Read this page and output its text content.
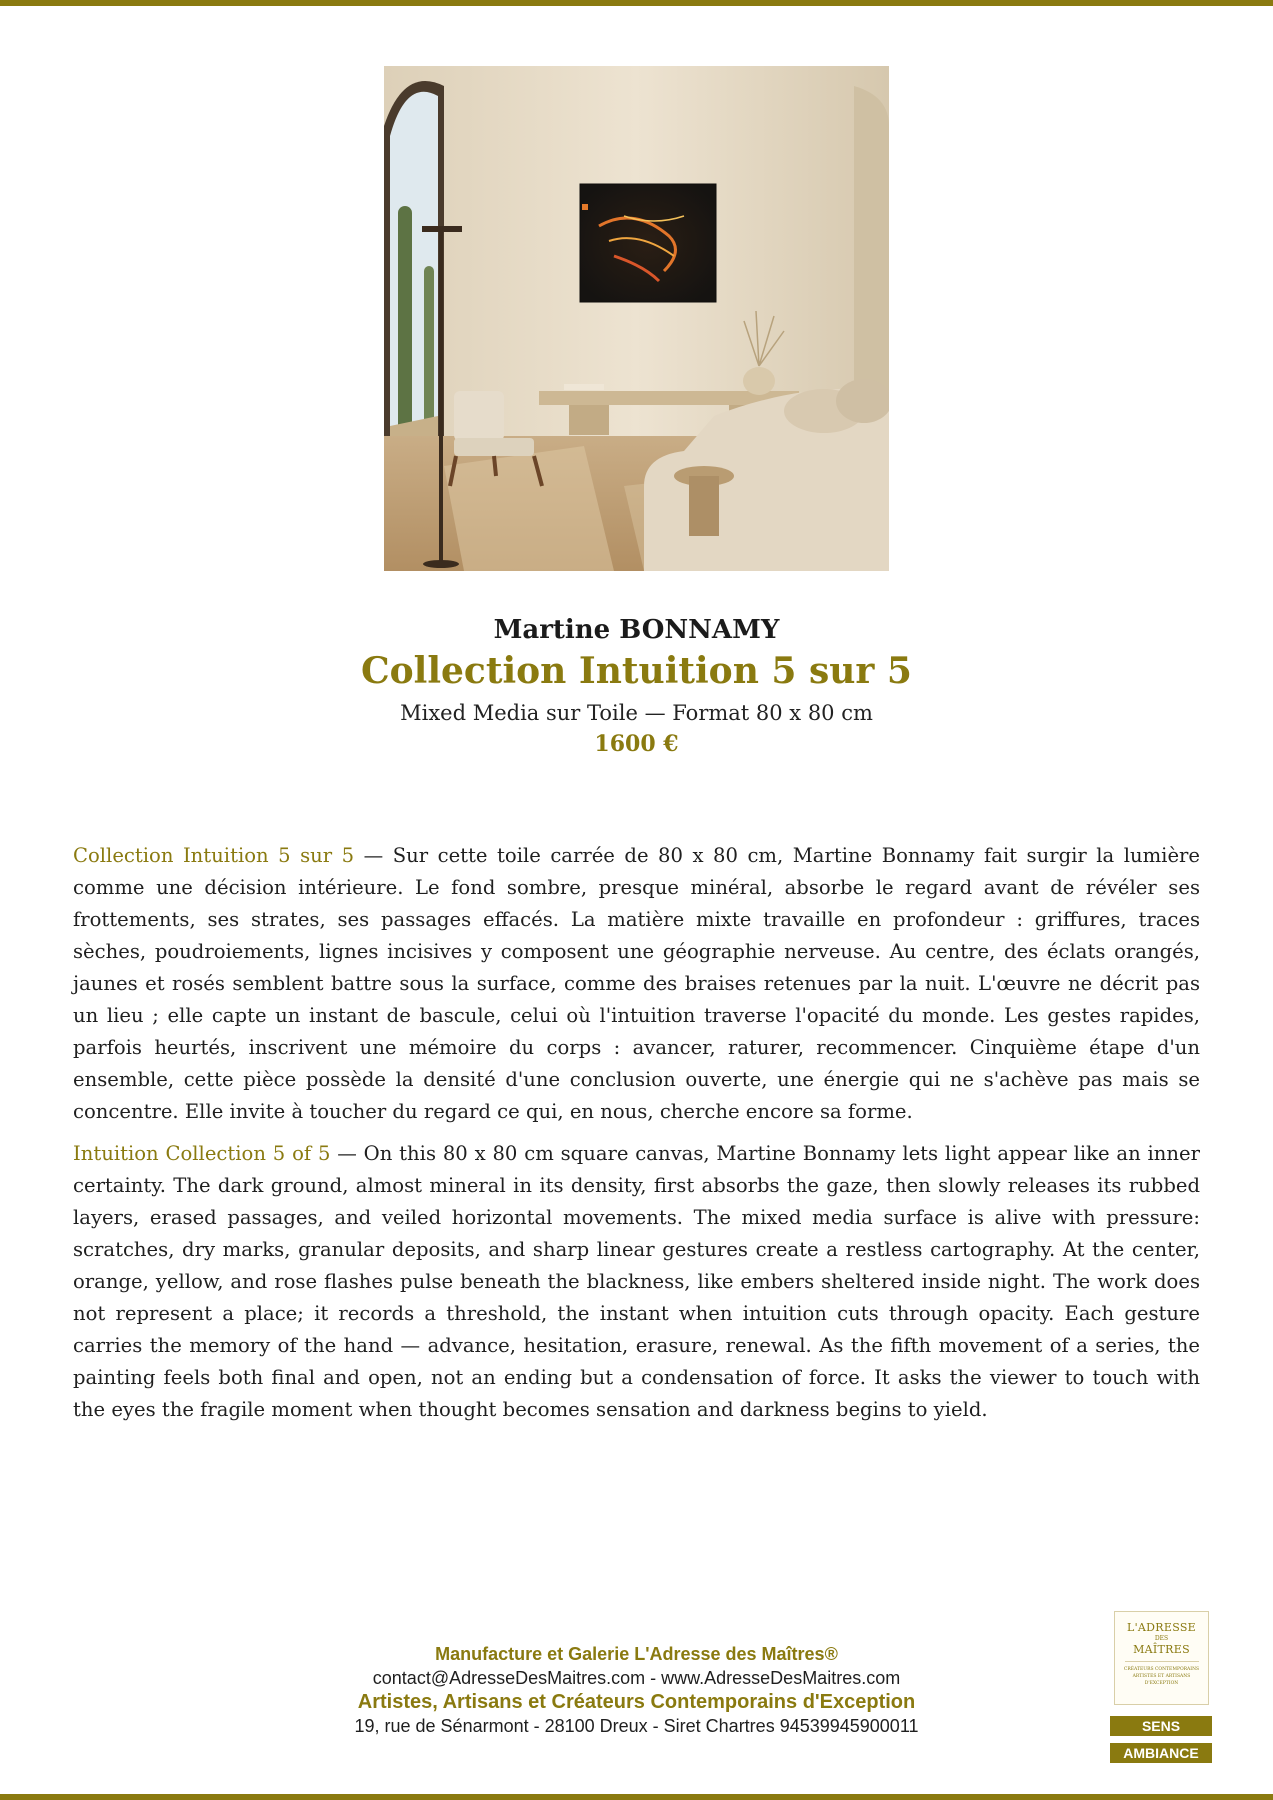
Martine BONNAMY

Collection Intuition 5 sur 5

Mixed Media sur Toile — Format 80 x 80 cm

1600 €

Collection Intuition 5 sur 5 — Sur cette toile carrée de 80 x 80 cm, Martine Bonnamy fait surgir la lumière comme une décision intérieure. Le fond sombre, presque minéral, absorbe le regard avant de révéler ses frottements, ses strates, ses passages effacés. La matière mixte travaille en profondeur : griffures, traces sèches, poudroiements, lignes incisives y composent une géographie nerveuse. Au centre, des éclats orangés, jaunes et rosés semblent battre sous la surface, comme des braises retenues par la nuit. L'œuvre ne décrit pas un lieu ; elle capte un instant de bascule, celui où l'intuition traverse l'opacité du monde. Les gestes rapides, parfois heurtés, inscrivent une mémoire du corps : avancer, raturer, recommencer. Cinquième étape d'un ensemble, cette pièce possède la densité d'une conclusion ouverte, une énergie qui ne s'achève pas mais se concentre. Elle invite à toucher du regard ce qui, en nous, cherche encore sa forme.

Intuition Collection 5 of 5 — On this 80 x 80 cm square canvas, Martine Bonnamy lets light appear like an inner certainty. The dark ground, almost mineral in its density, first absorbs the gaze, then slowly releases its rubbed layers, erased passages, and veiled horizontal movements. The mixed media surface is alive with pressure: scratches, dry marks, granular deposits, and sharp linear gestures create a restless cartography. At the center, orange, yellow, and rose flashes pulse beneath the blackness, like embers sheltered inside night. The work does not represent a place; it records a threshold, the instant when intuition cuts through opacity. Each gesture carries the memory of the hand — advance, hesitation, erasure, renewal. As the fifth movement of a series, the painting feels both final and open, not an ending but a condensation of force. It asks the viewer to touch with the eyes the fragile moment when thought becomes sensation and darkness begins to yield.

Manufacture et Galerie L'Adresse des Maîtres®
contact@AdresseDesMaitres.com - www.AdresseDesMaitres.com
Artistes, Artisans et Créateurs Contemporains d'Exception
19, rue de Sénarmont - 28100 Dreux - Siret Chartres 94539945900011
L'ADRESSE
DES
MAÎTRES
CRÉATEURS CONTEMPORAINS ARTISTES ET ARTISANS D'EXCEPTION
SENS
AMBIANCE
